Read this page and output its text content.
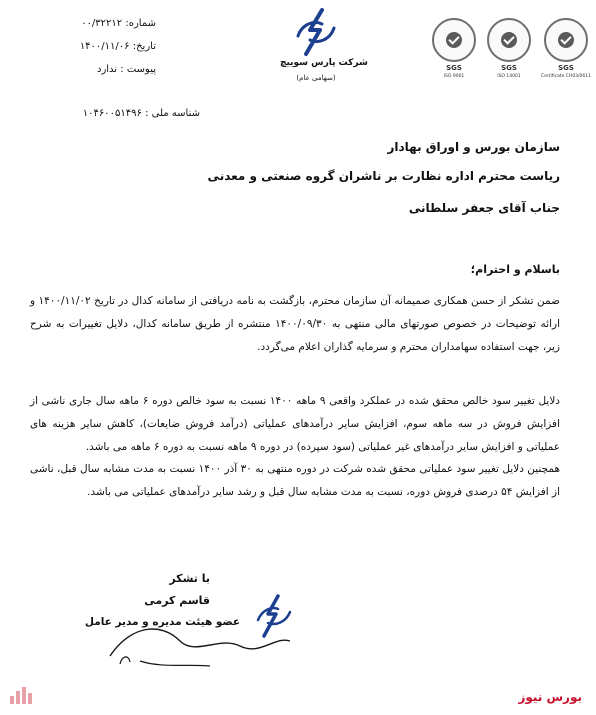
شماره: ۰۰/۳۲۲۱۲
تاریخ: ۱۴۰۰/۱۱/۰۶
پیوست : ندارد
شرکت پارس سوییچ
(سهامی عام)
SGS
ISO 9001
SGS
ISO 14001
SGS
Certificate CH03/0611
شناسه ملی : ۱۰۴۶۰۰۵۱۴۹۶
سازمان بورس و اوراق بهادار
ریاست محترم اداره نظارت بر ناشران گروه صنعتی و معدنی
جناب آقای جعفر سلطانی
باسلام و احترام؛
ضمن تشکر از حسن همکاری صمیمانه آن سازمان محترم، بازگشت به نامه دریافتی از سامانه کدال در تاریخ ۱۴۰۰/۱۱/۰۲ و ارائه توضیحات در خصوص صورتهای مالی منتهی به ۱۴۰۰/۰۹/۳۰ منتشره از طریق سامانه کدال، دلایل تغییرات به شرح زیر، جهت استفاده سهامداران محترم و سرمایه گذاران اعلام می‌گردد.
دلایل تغییر سود خالص محقق شده در عملکرد واقعی ۹ ماهه ۱۴۰۰ نسبت به سود خالص دوره ۶ ماهه سال جاری ناشی از افزایش فروش در سه ماهه سوم، افزایش سایر درآمدهای عملیاتی (درآمد فروش ضایعات)، کاهش سایر هزینه های عملیاتی و افزایش سایر درآمدهای غیر عملیاتی (سود سپرده) در دوره ۹ ماهه نسبت به دوره ۶ ماهه می باشد.
همچنین دلایل تغییر سود عملیاتی محقق شده شرکت در دوره منتهی به ۳۰ آذر ۱۴۰۰ نسبت به مدت مشابه سال قبل، ناشی از افزایش ۵۴ درصدی فروش دوره، نسبت به مدت مشابه سال قبل و رشد سایر درآمدهای عملیاتی می باشد.
با تشکر
قاسم کرمی
عضو هیئت مدیره و مدیر عامل
بورس نیوز
